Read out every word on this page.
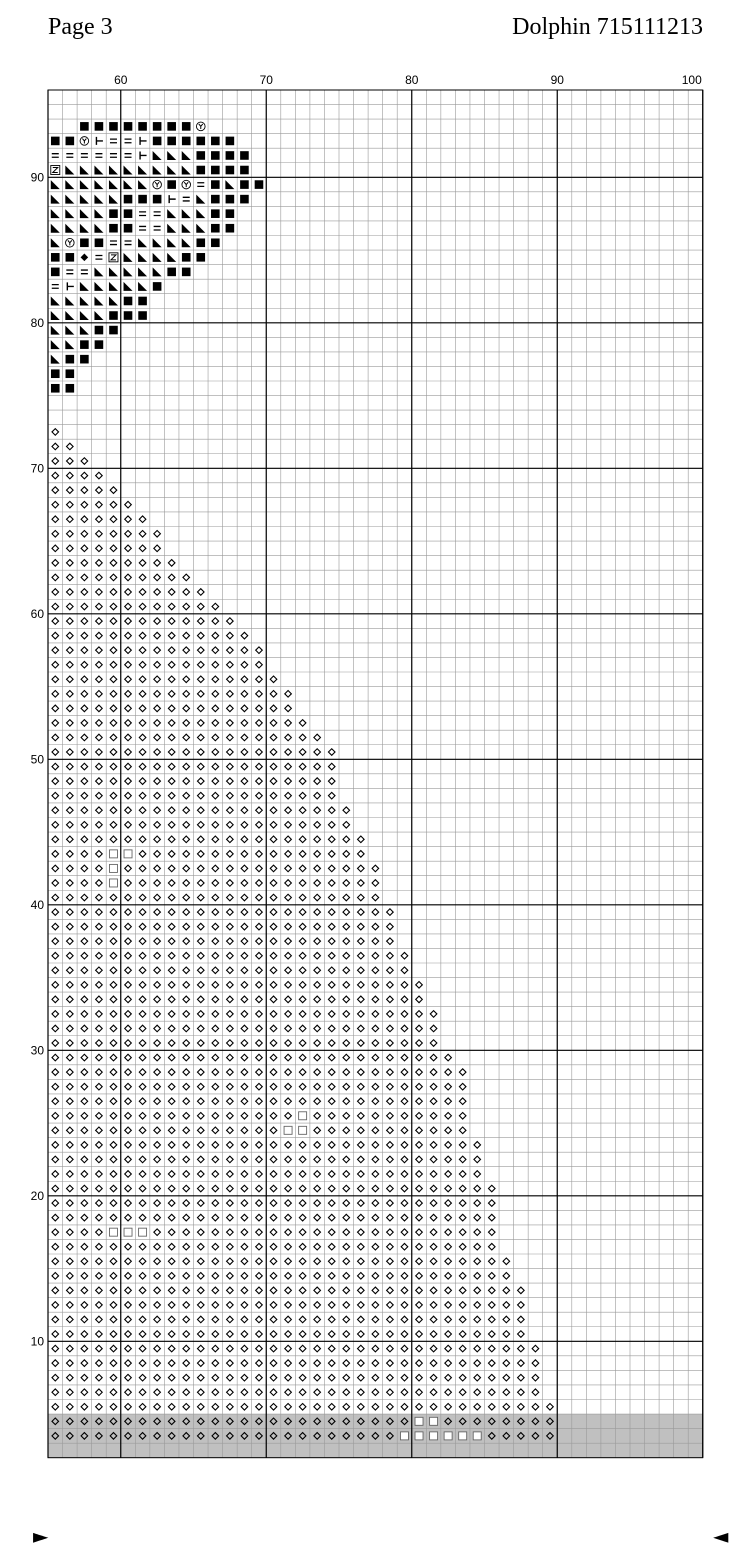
Page 3	Dolphin 715111213
60	70	80	90	100
90
80
70
60
50
40
30
20
10
►	◄
